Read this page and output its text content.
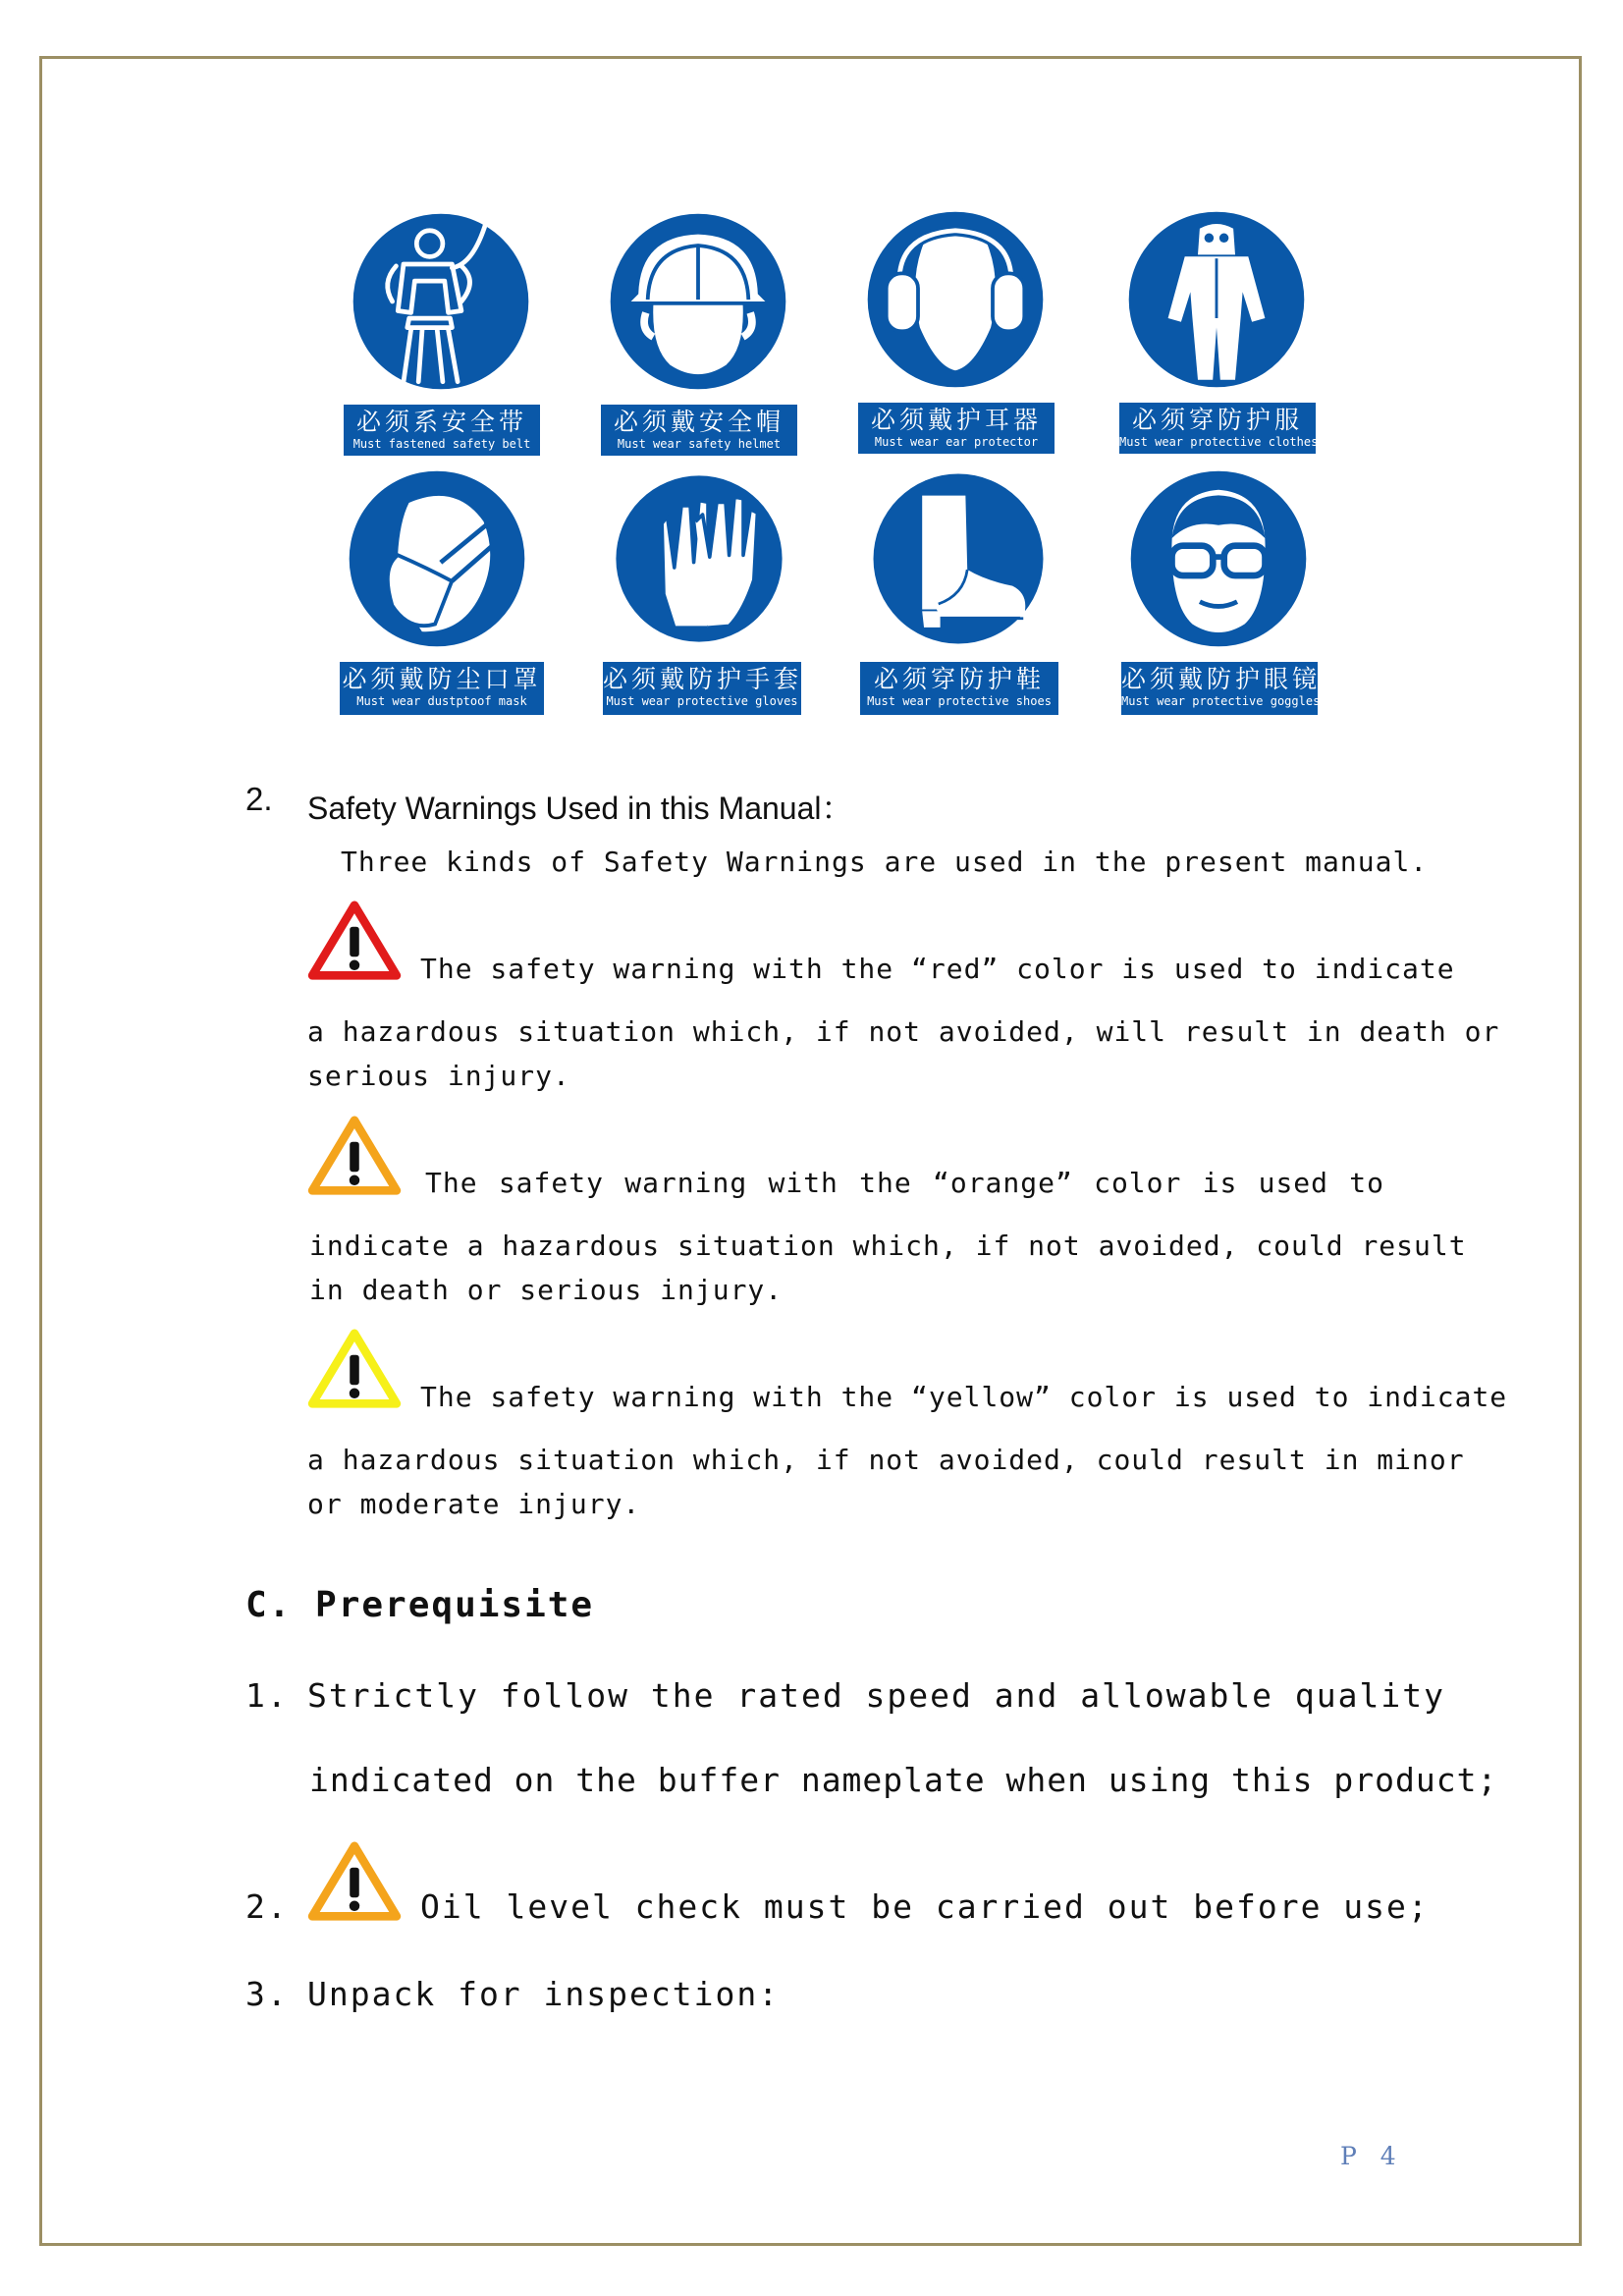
必须系安全带
Must fastened safety belt
必须戴安全帽
Must wear safety helmet
必须戴护耳器
Must wear ear protector
必须穿防护服
Must wear protective clothes
必须戴防尘口罩
Must wear dustptoof mask
必须戴防护手套
Must wear protective gloves
必须穿防护鞋
Must wear protective shoes
必须戴防护眼镜
Must wear protective goggles
2. Safety Warnings Used in this Manual：
Three kinds of Safety Warnings are used in the present manual.
The safety warning with the “red” color is used to indicate
a hazardous situation which, if not avoided, will result in death or
serious injury.
The safety warning with the “orange” color is used to
indicate a hazardous situation which, if not avoided, could result
in death or serious injury.
The safety warning with the “yellow” color is used to indicate
a hazardous situation which, if not avoided, could result in minor
or moderate injury.
C. Prerequisite
1. Strictly follow the rated speed and allowable quality
indicated on the buffer nameplate when using this product;
2.	Oil level check must be carried out before use;
3. Unpack for inspection:
P 4
